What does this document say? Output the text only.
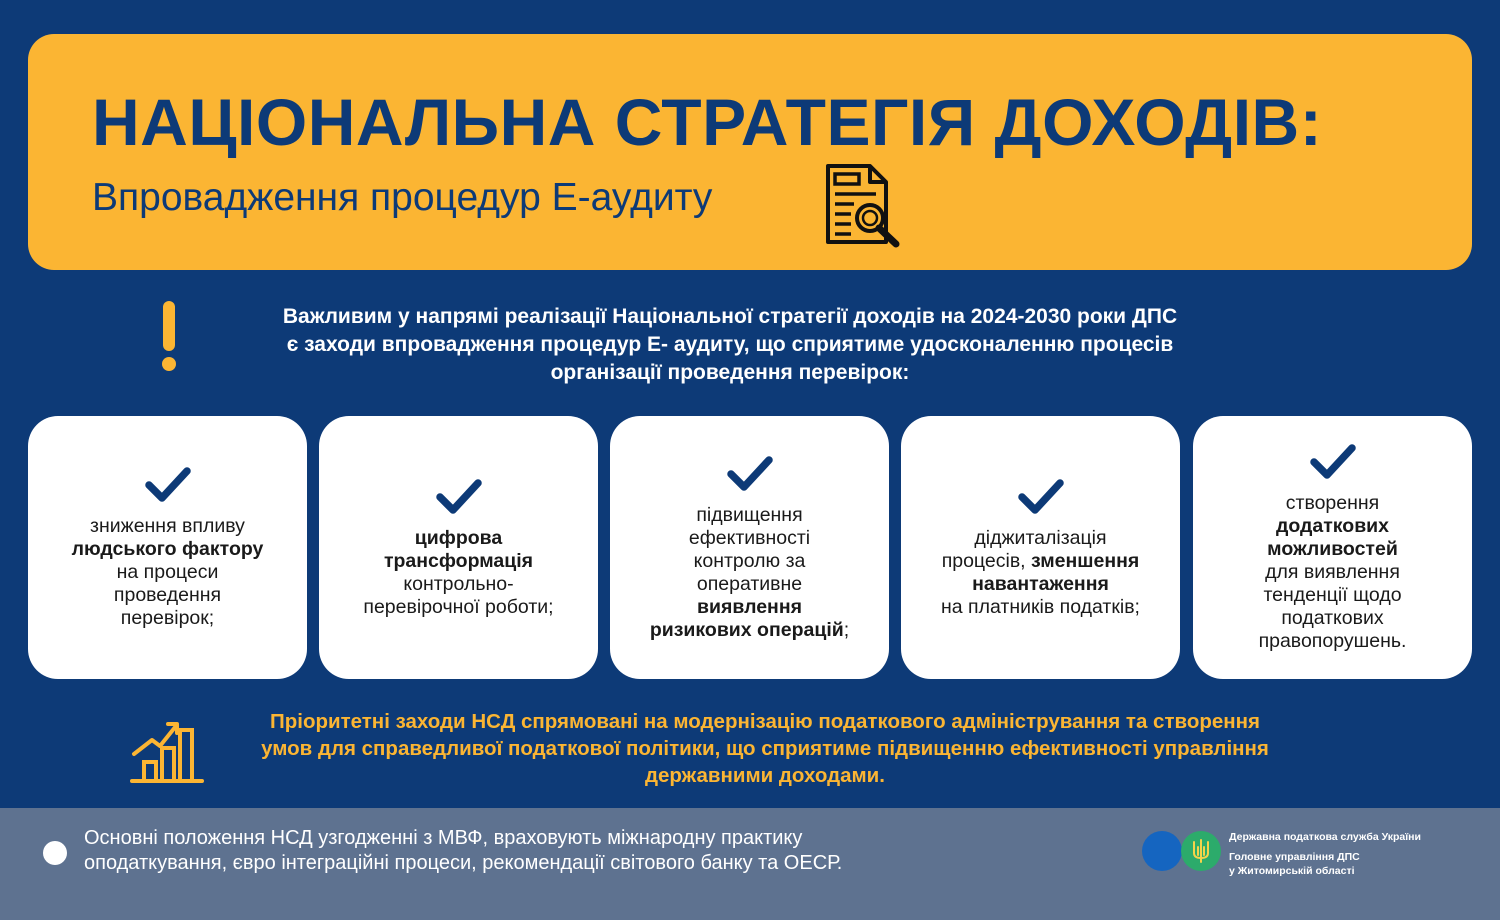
НАЦІОНАЛЬНА СТРАТЕГІЯ ДОХОДІВ:
Впровадження процедур Е-аудиту

Важливим у напрямі реалізації Національної стратегії доходів на 2024-2030 роки ДПС
є заходи впровадження процедур Е- аудиту, що сприятиме удосконаленню процесів
організації проведення перевірок:

зниження впливу
людського фактору
на процеси
проведення
перевірок;
цифрова
трансформація
контрольно-
перевірочної роботи;
підвищення
ефективності
контролю за
оперативне
виявлення
ризикових операцій;
діджиталізація
процесів, зменшення
навантаження
на платників податків;
створення
додаткових
можливостей
для виявлення
тенденції щодо
податкових
правопорушень.

Пріоритетні заходи НСД спрямовані на модернізацію податкового адміністрування та створення
умов для справедливої податкової політики, що сприятиме підвищенню ефективності управління
державними доходами.

Основні положення НСД узгодженні з МВФ, враховують міжнародну практику
оподаткування, євро інтеграційні процеси, рекомендації світового банку та ОЕСР.

Державна податкова служба України
Головне управління ДПС
у Житомирській області
